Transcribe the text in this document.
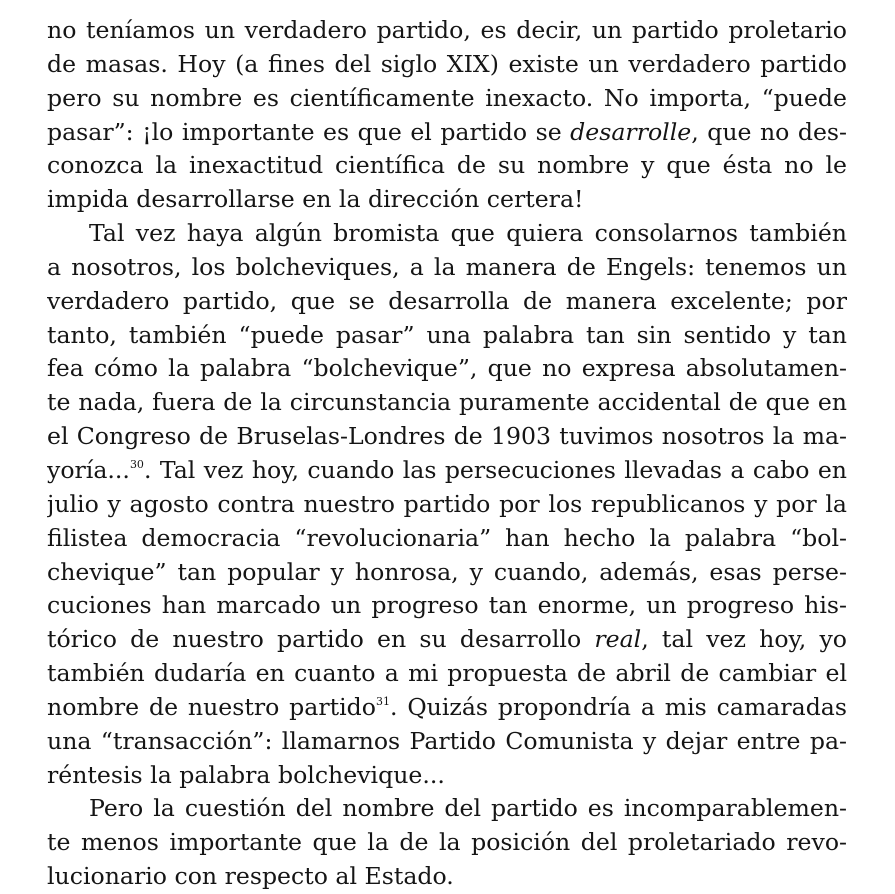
no teníamos un verdadero partido, es decir, un partido proletario
de masas. Hoy (a fines del siglo XIX) existe un verdadero partido
pero su nombre es científicamente inexacto. No importa, “puede
pasar”: ¡lo importante es que el partido se desarrolle, que no des-
conozca la inexactitud científica de su nombre y que ésta no le
impida desarrollarse en la dirección certera!
Tal vez haya algún bromista que quiera consolarnos también
a nosotros, los bolcheviques, a la manera de Engels: tenemos un
verdadero partido, que se desarrolla de manera excelente; por
tanto, también “puede pasar” una palabra tan sin sentido y tan
fea cómo la palabra “bolchevique”, que no expresa absolutamen-
te nada, fuera de la circunstancia puramente accidental de que en
el Congreso de Bruselas-Londres de 1903 tuvimos nosotros la ma-
yoría...$^{30}$. Tal vez hoy, cuando las persecuciones llevadas a cabo en
julio y agosto contra nuestro partido por los republicanos y por la
filistea democracia “revolucionaria” han hecho la palabra “bol-
chevique” tan popular y honrosa, y cuando, además, esas perse-
cuciones han marcado un progreso tan enorme, un progreso his-
tórico de nuestro partido en su desarrollo real, tal vez hoy, yo
también dudaría en cuanto a mi propuesta de abril de cambiar el
nombre de nuestro partido$^{31}$. Quizás propondría a mis camaradas
una “transacción”: llamarnos Partido Comunista y dejar entre pa-
réntesis la palabra bolchevique...
Pero la cuestión del nombre del partido es incomparablemen-
te menos importante que la de la posición del proletariado revo-
lucionario con respecto al Estado.
